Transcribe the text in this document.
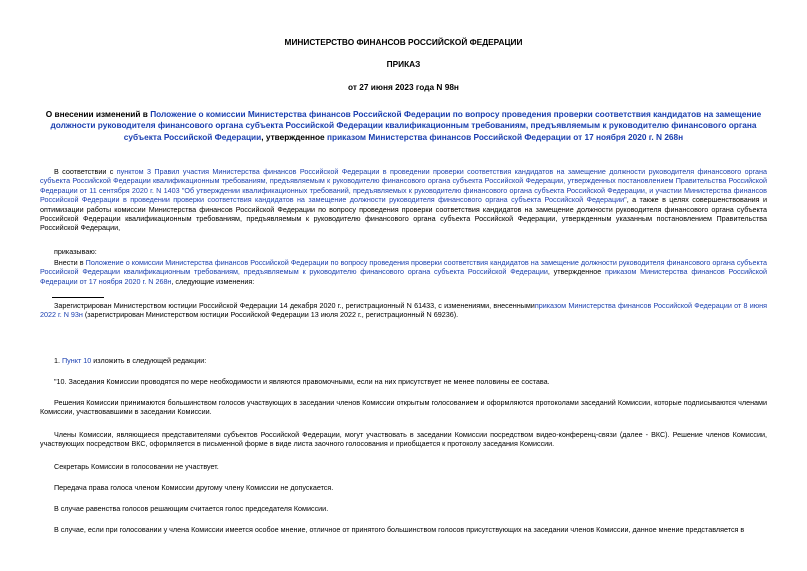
МИНИСТЕРСТВО ФИНАНСОВ РОССИЙСКОЙ ФЕДЕРАЦИИ
ПРИКАЗ
от 27 июня 2023 года N 98н
О внесении изменений в Положение о комиссии Министерства финансов Российской Федерации по вопросу проведения проверки соответствия кандидатов на замещение должности руководителя финансового органа субъекта Российской Федерации квалификационным требованиям, предъявляемым к руководителю финансового органа субъекта Российской Федерации, утвержденное приказом Министерства финансов Российской Федерации от 17 ноября 2020 г. N 268н
В соответствии с пунктом 3 Правил участия Министерства финансов Российской Федерации в проведении проверки соответствия кандидатов на замещение должности руководителя финансового органа субъекта Российской Федерации квалификационным требованиям, предъявляемым к руководителю финансового органа субъекта Российской Федерации, утвержденных постановлением Правительства Российской Федерации от 11 сентября 2020 г. N 1403 "Об утверждении квалификационных требований, предъявляемых к руководителю финансового органа субъекта Российской Федерации, и участии Министерства финансов Российской Федерации в проведении проверки соответствия кандидатов на замещение должности руководителя финансового органа субъекта Российской Федерации", а также в целях совершенствования и оптимизации работы комиссии Министерства финансов Российской Федерации по вопросу проведения проверки соответствия кандидатов на замещение должности руководителя финансового органа субъекта Российской Федерации квалификационным требованиям, предъявляемым к руководителю финансового органа субъекта Российской Федерации, утвержденным указанным постановлением Правительства Российской Федерации,
приказываю:
Внести в Положение о комиссии Министерства финансов Российской Федерации по вопросу проведения проверки соответствия кандидатов на замещение должности руководителя финансового органа субъекта Российской Федерации квалификационным требованиям, предъявляемым к руководителю финансового органа субъекта Российской Федерации, утвержденное приказом Министерства финансов Российской Федерации от 17 ноября 2020 г. N 268н, следующие изменения:
Зарегистрирован Министерством юстиции Российской Федерации 14 декабря 2020 г., регистрационный N 61433, с изменениями, внесеннымиприказом Министерства финансов Российской Федерации от 8 июня 2022 г. N 93н (зарегистрирован Министерством юстиции Российской Федерации 13 июля 2022 г., регистрационный N 69236).
1. Пункт 10 изложить в следующей редакции:
"10. Заседания Комиссии проводятся по мере необходимости и являются правомочными, если на них присутствует не менее половины ее состава.
Решения Комиссии принимаются большинством голосов участвующих в заседании членов Комиссии открытым голосованием и оформляются протоколами заседаний Комиссии, которые подписываются членами Комиссии, участвовавшими в заседании Комиссии.
Члены Комиссии, являющиеся представителями субъектов Российской Федерации, могут участвовать в заседании Комиссии посредством видео-конференц-связи (далее - ВКС). Решение членов Комиссии, участвующих посредством ВКС, оформляется в письменной форме в виде листа заочного голосования и приобщается к протоколу заседания Комиссии.
Секретарь Комиссии в голосовании не участвует.
Передача права голоса членом Комиссии другому члену Комиссии не допускается.
В случае равенства голосов решающим считается голос председателя Комиссии.
В случае, если при голосовании у члена Комиссии имеется особое мнение, отличное от принятого большинством голосов присутствующих на заседании членов Комиссии, данное мнение представляется в
